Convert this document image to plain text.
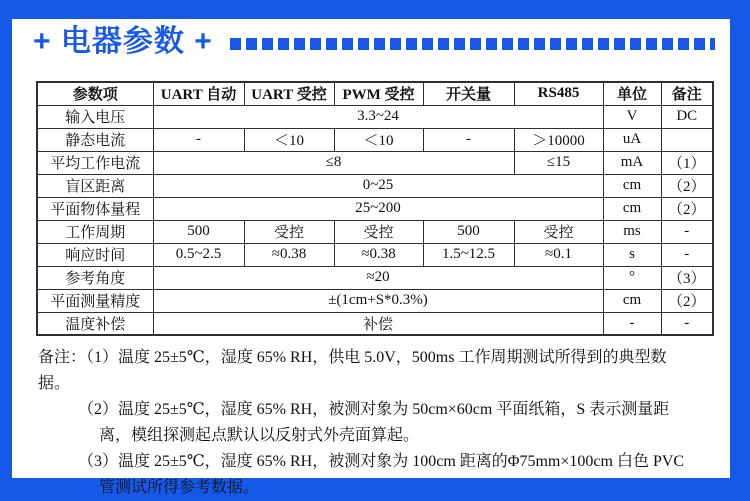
+ 电器参数 +
参数项	UART 自动	UART 受控	PWM 受控	开关量	RS485	单位	备注
输入电压	3.3~24					V	DC
静态电流	-	＜10	＜10	-	＞10000	uA	
平均工作电流	≤8				≤15	mA	（1）
盲区距离	0~25					cm	（2）
平面物体量程	25~200					cm	（2）
工作周期	500	受控	受控	500	受控	ms	-
响应时间	0.5~2.5	≈0.38	≈0.38	1.5~12.5	≈0.1	s	-
参考角度	≈20					°	（3）
平面测量精度	±(1cm+S*0.3%)					cm	（2）
温度补偿	补偿					-	-

备注：（1）温度 25±5℃，湿度 65% RH，供电 5.0V，500ms 工作周期测试所得到的典型数据。

（2）温度 25±5℃，湿度 65% RH，被测对象为 50cm×60cm 平面纸箱，S 表示测量距离，模组探测起点默认以反射式外壳面算起。

（3）温度 25±5℃，湿度 65% RH，被测对象为 100cm 距离的Φ75mm×100cm 白色 PVC 管测试所得参考数据。
